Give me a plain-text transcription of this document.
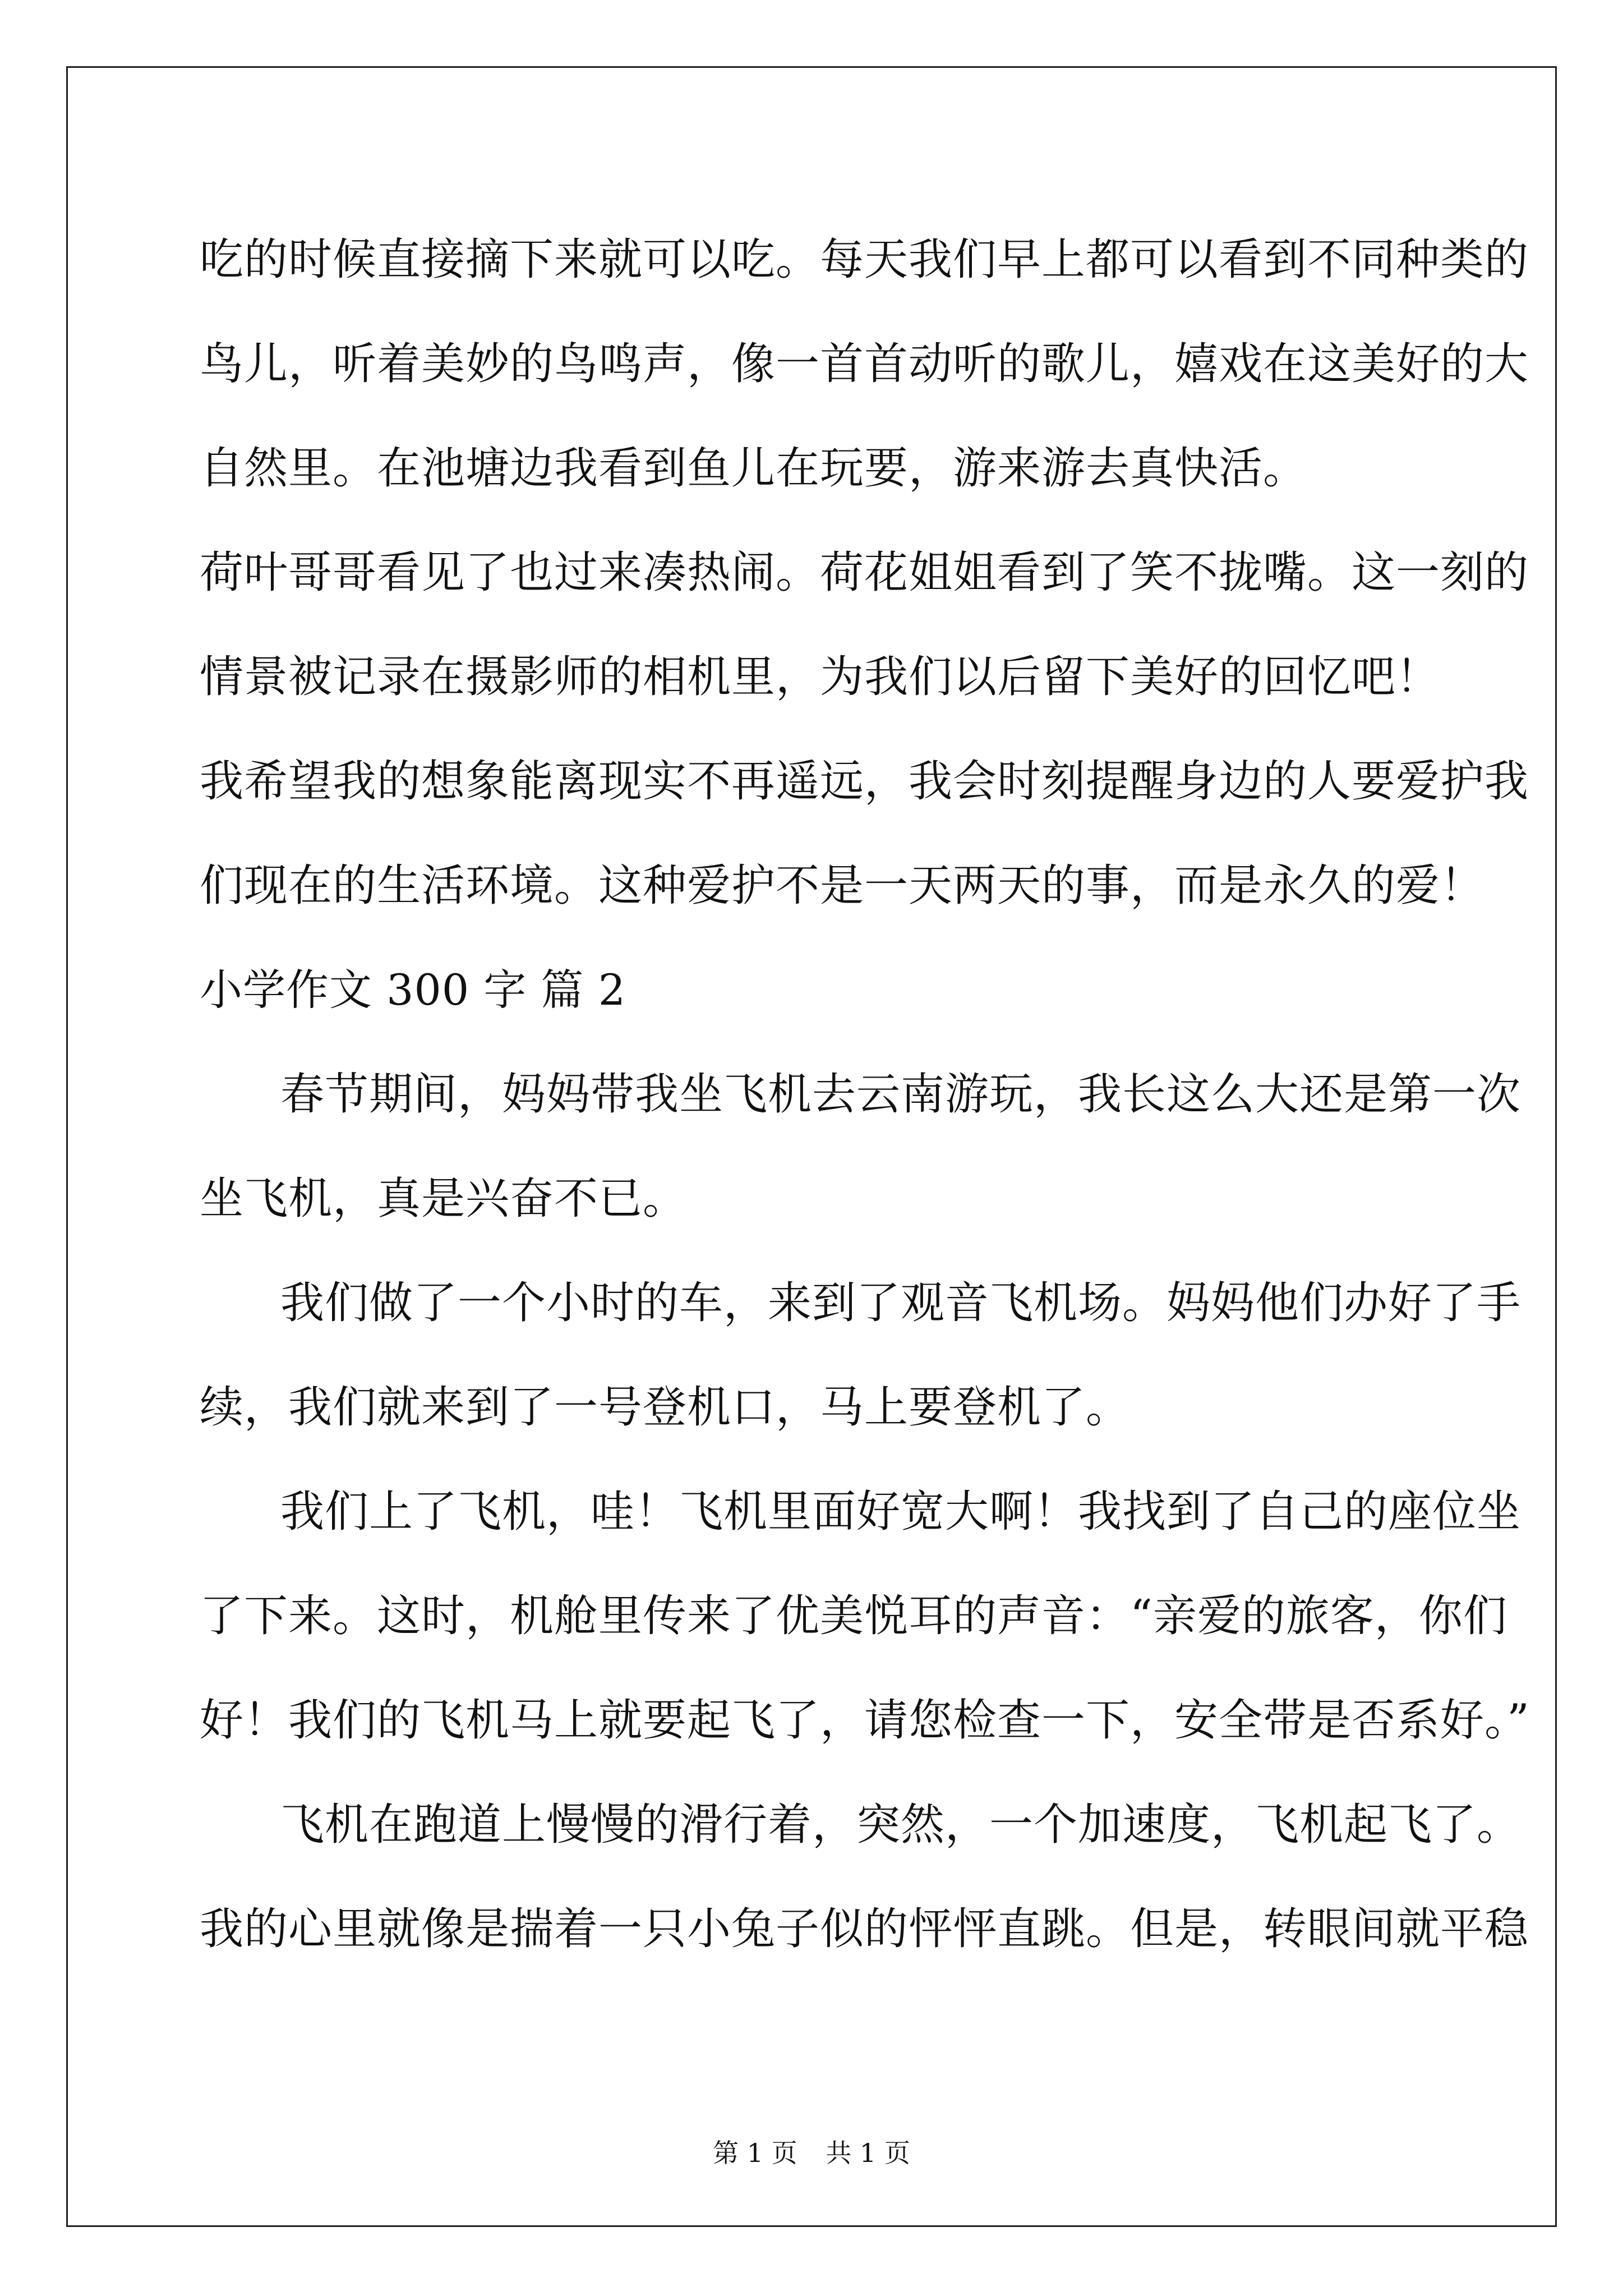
吃的时候直接摘下来就可以吃。每天我们早上都可以看到不同种类的
鸟儿，听着美妙的鸟鸣声，像一首首动听的歌儿，嬉戏在这美好的大
自然里。在池塘边我看到鱼儿在玩要，游来游去真快活。
荷叶哥哥看见了也过来凑热闹。荷花姐姐看到了笑不拢嘴。这一刻的
情景被记录在摄影师的相机里，为我们以后留下美好的回忆吧！
我希望我的想象能离现实不再遥远，我会时刻提醒身边的人要爱护我
们现在的生活环境。这种爱护不是一天两天的事，而是永久的爱！
小学作文 300 字 篇 2
春节期间，妈妈带我坐飞机去云南游玩，我长这么大还是第一次
坐飞机，真是兴奋不已。
我们做了一个小时的车，来到了观音飞机场。妈妈他们办好了手
续，我们就来到了一号登机口，马上要登机了。
我们上了飞机，哇！飞机里面好宽大啊！我找到了自己的座位坐
了下来。这时，机舱里传来了优美悦耳的声音：“亲爱的旅客，你们
好！我们的飞机马上就要起飞了，请您检查一下，安全带是否系好。”
飞机在跑道上慢慢的滑行着，突然，一个加速度，飞机起飞了。
我的心里就像是揣着一只小兔子似的怦怦直跳。但是，转眼间就平稳
第 1 页 共 1 页
